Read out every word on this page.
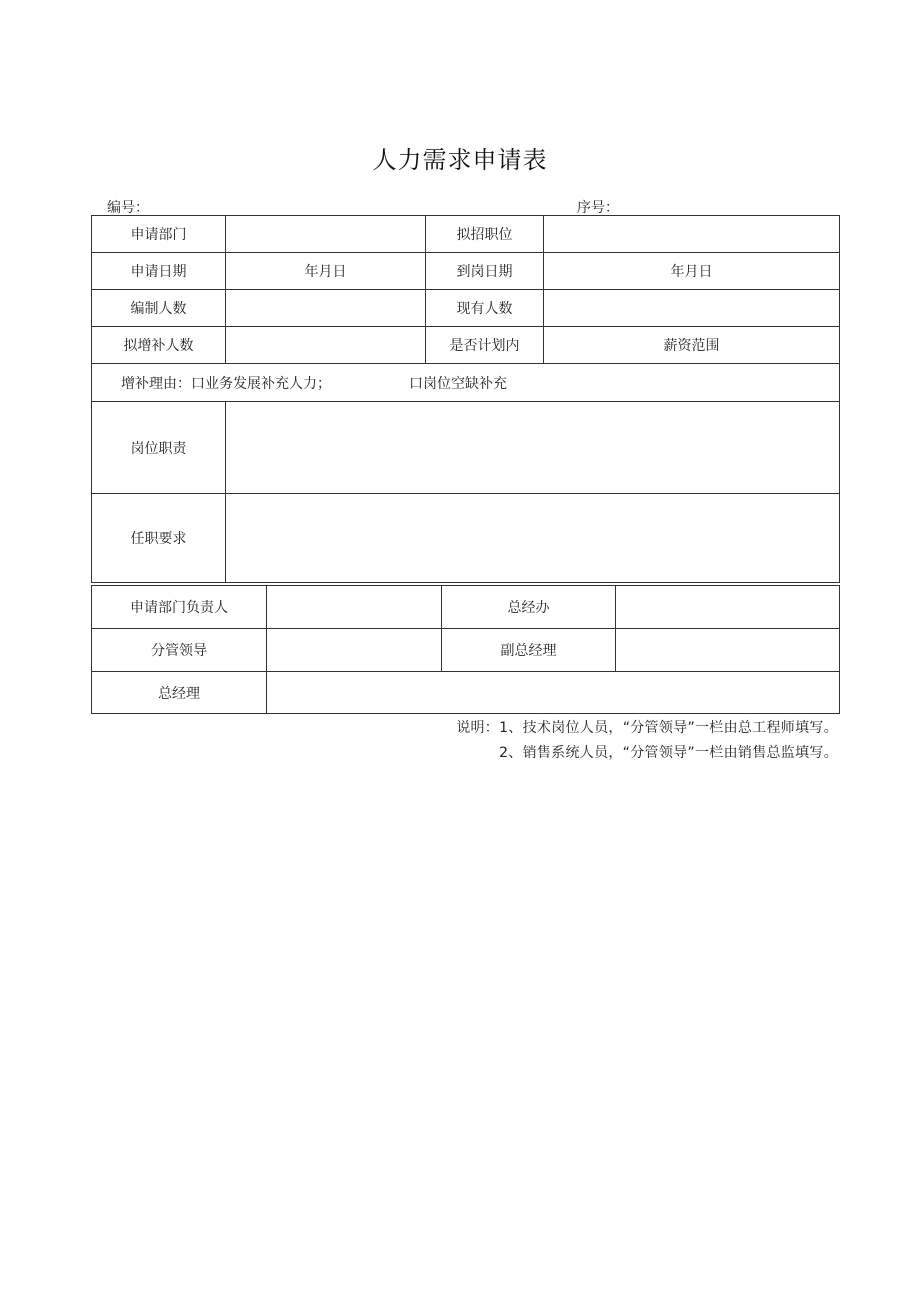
人力需求申请表
编号：	序号：
申请部门		拟招职位	
申请日期	年月日	到岗日期	年月日
编制人数		现有人数	
拟增补人数		是否计划内	薪资范围
增补理由：口业务发展补充人力； 口岗位空缺补充			
岗位职责			
任职要求			
申请部门负责人		总经办	
分管领导		副总经理	
总经理			
说明：1、技术岗位人员，“分管领导”一栏由总工程师填写。
2、销售系统人员，“分管领导”一栏由销售总监填写。
